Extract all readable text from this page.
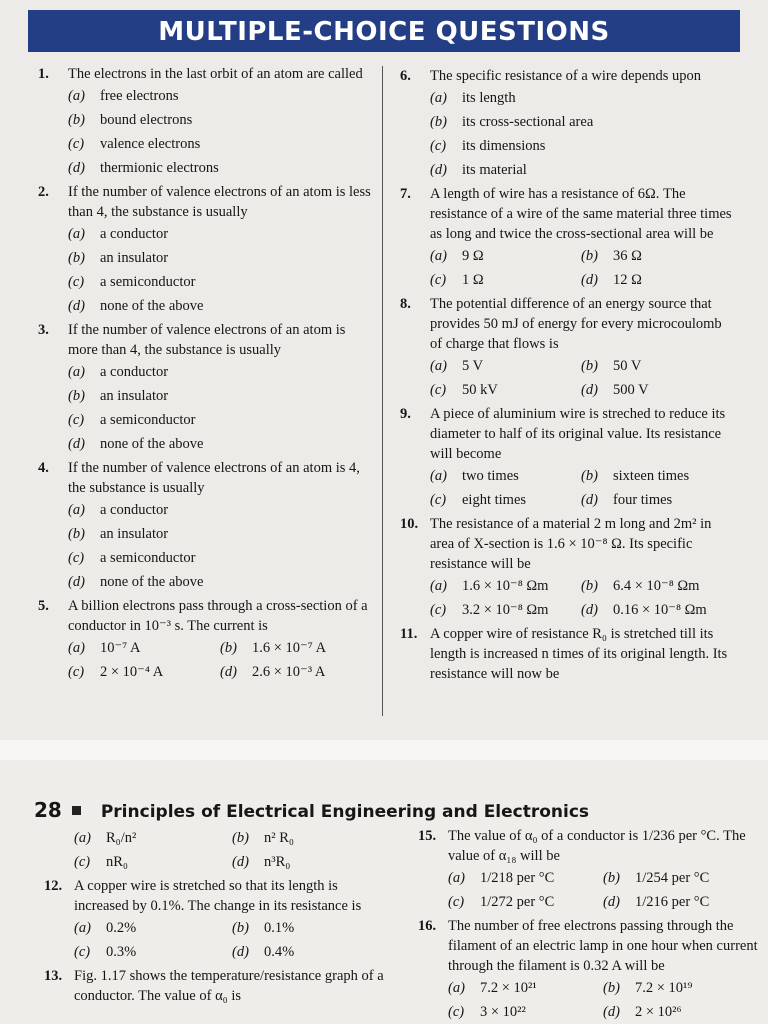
MULTIPLE-CHOICE QUESTIONS
1. The electrons in the last orbit of an atom are called
(a) free electrons
(b) bound electrons
(c) valence electrons
(d) thermionic electrons
2. If the number of valence electrons of an atom is less than 4, the substance is usually
(a) a conductor
(b) an insulator
(c) a semiconductor
(d) none of the above
3. If the number of valence electrons of an atom is more than 4, the substance is usually
(a) a conductor
(b) an insulator
(c) a semiconductor
(d) none of the above
4. If the number of valence electrons of an atom is 4, the substance is usually
(a) a conductor
(b) an insulator
(c) a semiconductor
(d) none of the above
5. A billion electrons pass through a cross-section of a conductor in 10⁻³ s. The current is
(a) 10⁻⁷ A	(b) 1.6 × 10⁻⁷ A
(c) 2 × 10⁻⁴ A	(d) 2.6 × 10⁻³ A
6. The specific resistance of a wire depends upon
(a) its length
(b) its cross-sectional area
(c) its dimensions
(d) its material
7. A length of wire has a resistance of 6Ω. The resistance of a wire of the same material three times as long and twice the cross-sectional area will be
(a) 9 Ω	(b) 36 Ω
(c) 1 Ω	(d) 12 Ω
8. The potential difference of an energy source that provides 50 mJ of energy for every microcoulomb of charge that flows is
(a) 5 V	(b) 50 V
(c) 50 kV	(d) 500 V
9. A piece of aluminium wire is streched to reduce its diameter to half of its original value. Its resistance will become
(a) two times	(b) sixteen times
(c) eight times	(d) four times
10. The resistance of a material 2 m long and 2m² in area of X-section is 1.6 × 10⁻⁸ Ω. Its specific resistance will be
(a) 1.6 × 10⁻⁸ Ωm	(b) 6.4 × 10⁻⁸ Ωm
(c) 3.2 × 10⁻⁸ Ωm	(d) 0.16 × 10⁻⁸ Ωm
11. A copper wire of resistance R₀ is stretched till its length is increased n times of its original length. Its resistance will now be
28 Principles of Electrical Engineering and Electronics
(a) R₀/n²	(b) n² R₀
(c) nR₀	(d) n³R₀
12. A copper wire is stretched so that its length is increased by 0.1%. The change in its resistance is
(a) 0.2%	(b) 0.1%
(c) 0.3%	(d) 0.4%
13. Fig. 1.17 shows the temperature/resistance graph of a conductor. The value of α₀ is
15. The value of α₀ of a conductor is 1/236 per °C. The value of α₁₈ will be
(a) 1/218 per °C	(b) 1/254 per °C
(c) 1/272 per °C	(d) 1/216 per °C
16. The number of free electrons passing through the filament of an electric lamp in one hour when current through the filament is 0.32 A will be
(a) 7.2 × 10²¹	(b) 7.2 × 10¹⁹
(c) 3 × 10²²	(d) 2 × 10²⁶
